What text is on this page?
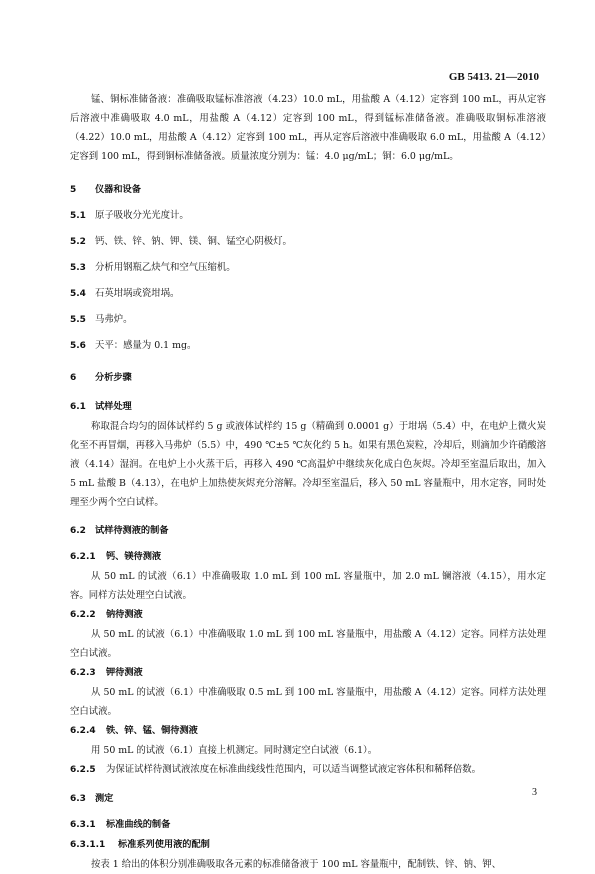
GB 5413. 21—2010

锰、铜标准储备液：准确吸取锰标准溶液（4.23）10.0 mL，用盐酸 A（4.12）定容到 100 mL，再从定容后溶液中准确吸取 4.0 mL，用盐酸 A（4.12）定容到 100 mL，得到锰标准储备液。准确吸取铜标准溶液（4.22）10.0 mL，用盐酸 A（4.12）定容到 100 mL，再从定容后溶液中准确吸取 6.0 mL，用盐酸 A（4.12）定容到 100 mL，得到铜标准储备液。质量浓度分别为：锰：4.0 μg/mL；铜：6.0 μg/mL。

5 仪器和设备
5.1 原子吸收分光光度计。
5.2 钙、铁、锌、钠、钾、镁、铜、锰空心阴极灯。
5.3 分析用钢瓶乙炔气和空气压缩机。
5.4 石英坩埚或瓷坩埚。
5.5 马弗炉。
5.6 天平：感量为 0.1 mg。
6 分析步骤
6.1 试样处理

称取混合均匀的固体试样约 5 g 或液体试样约 15 g（精确到 0.0001 g）于坩埚（5.4）中，在电炉上微火炭化至不再冒烟，再移入马弗炉（5.5）中，490 ℃±5 ℃灰化约 5 h。如果有黑色炭粒，冷却后，则滴加少许硝酸溶液（4.14）湿润。在电炉上小火蒸干后，再移入 490 ℃高温炉中继续灰化成白色灰烬。冷却至室温后取出，加入 5 mL 盐酸 B（4.13），在电炉上加热使灰烬充分溶解。冷却至室温后，移入 50 mL 容量瓶中，用水定容，同时处理至少两个空白试样。

6.2 试样待测液的制备
6.2.1 钙、镁待测液

从 50 mL 的试液（6.1）中准确吸取 1.0 mL 到 100 mL 容量瓶中，加 2.0 mL 镧溶液（4.15），用水定容。同样方法处理空白试液。

6.2.2 钠待测液

从 50 mL 的试液（6.1）中准确吸取 1.0 mL 到 100 mL 容量瓶中，用盐酸 A（4.12）定容。同样方法处理空白试液。

6.2.3 钾待测液

从 50 mL 的试液（6.1）中准确吸取 0.5 mL 到 100 mL 容量瓶中，用盐酸 A（4.12）定容。同样方法处理空白试液。

6.2.4 铁、锌、锰、铜待测液

用 50 mL 的试液（6.1）直接上机测定。同时测定空白试液（6.1）。

6.2.5 为保证试样待测试液浓度在标准曲线线性范围内，可以适当调整试液定容体积和稀释倍数。
6.3 测定
6.3.1 标准曲线的制备
6.3.1.1 标准系列使用液的配制

按表 1 给出的体积分别准确吸取各元素的标准储备液于 100 mL 容量瓶中，配制铁、锌、钠、钾、

3
